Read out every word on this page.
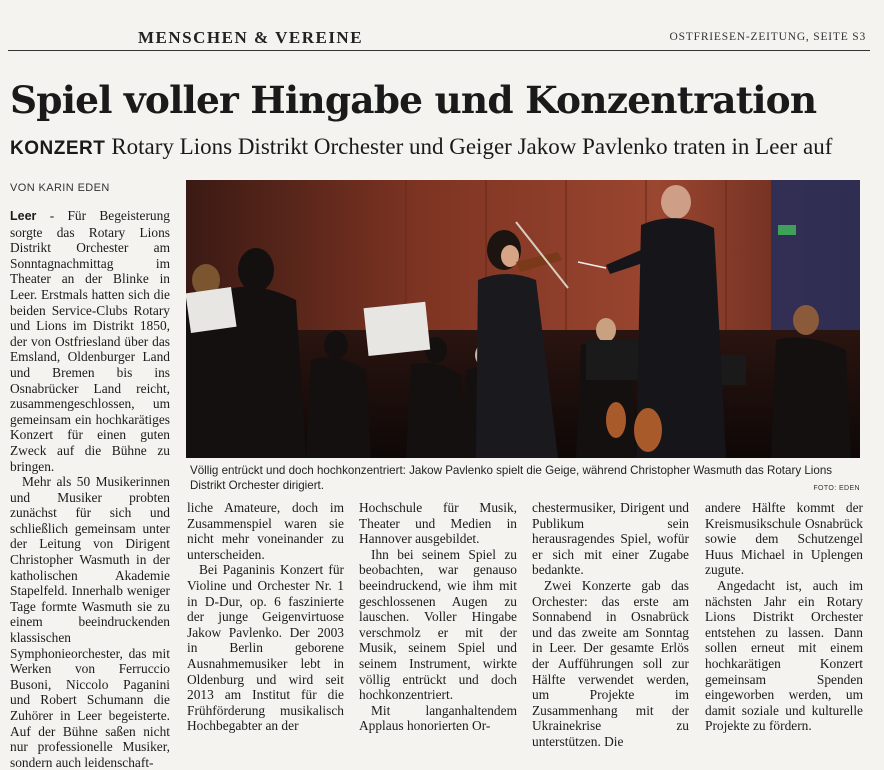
MENSCHEN & VEREINE	OSTFRIESEN-ZEITUNG, SEITE S3
Spiel voller Hingabe und Konzentration
KONZERT Rotary Lions Distrikt Orchester und Geiger Jakow Pavlenko traten in Leer auf
VON KARIN EDEN
Völlig entrückt und doch hochkonzentriert: Jakow Pavlenko spielt die Geige, während Christopher Wasmuth das Rotary Lions Distrikt Orchester dirigiert.	FOTO: EDEN

Leer - Für Begeisterung sorgte das Rotary Lions Distrikt Orchester am Sonntagnachmittag im Theater an der Blinke in Leer. Erstmals hatten sich die beiden Service-Clubs Rotary und Lions im Distrikt 1850, der von Ostfriesland über das Emsland, Oldenburger Land und Bremen bis ins Osnabrücker Land reicht, zusammengeschlossen, um gemeinsam ein hochkarätiges Konzert für einen guten Zweck auf die Bühne zu bringen.

Mehr als 50 Musikerinnen und Musiker probten zunächst für sich und schließlich gemeinsam unter der Leitung von Dirigent Christopher Wasmuth in der katholischen Akademie Stapelfeld. Innerhalb weniger Tage formte Wasmuth sie zu einem beeindruckenden klassischen Symphonieorchester, das mit Werken von Ferruccio Busoni, Niccolo Paganini und Robert Schumann die Zuhörer in Leer begeisterte. Auf der Bühne saßen nicht nur professionelle Musiker, sondern auch leidenschaft-

liche Amateure, doch im Zusammenspiel waren sie nicht mehr voneinander zu unterscheiden.

Bei Paganinis Konzert für Violine und Orchester Nr. 1 in D-Dur, op. 6 faszinierte der junge Geigenvirtuose Jakow Pavlenko. Der 2003 in Berlin geborene Ausnahmemusiker lebt in Oldenburg und wird seit 2013 am Institut für die Frühförderung musikalisch Hochbegabter an der

Hochschule für Musik, Theater und Medien in Hannover ausgebildet.

Ihn bei seinem Spiel zu beobachten, war genauso beeindruckend, wie ihm mit geschlossenen Augen zu lauschen. Voller Hingabe verschmolz er mit der Musik, seinem Spiel und seinem Instrument, wirkte völlig entrückt und doch hochkonzentriert.

Mit langanhaltendem Applaus honorierten Or-

chestermusiker, Dirigent und Publikum sein herausragendes Spiel, wofür er sich mit einer Zugabe bedankte.

Zwei Konzerte gab das Orchester: das erste am Sonnabend in Osnabrück und das zweite am Sonntag in Leer. Der gesamte Erlös der Aufführungen soll zur Hälfte verwendet werden, um Projekte im Zusammenhang mit der Ukrainekrise zu unterstützen. Die

andere Hälfte kommt der Kreismusikschule Osnabrück sowie dem Schutzengel Huus Michael in Uplengen zugute.

Angedacht ist, auch im nächsten Jahr ein Rotary Lions Distrikt Orchester entstehen zu lassen. Dann sollen erneut mit einem hochkarätigen Konzert gemeinsam Spenden eingeworben werden, um damit soziale und kulturelle Projekte zu fördern.
